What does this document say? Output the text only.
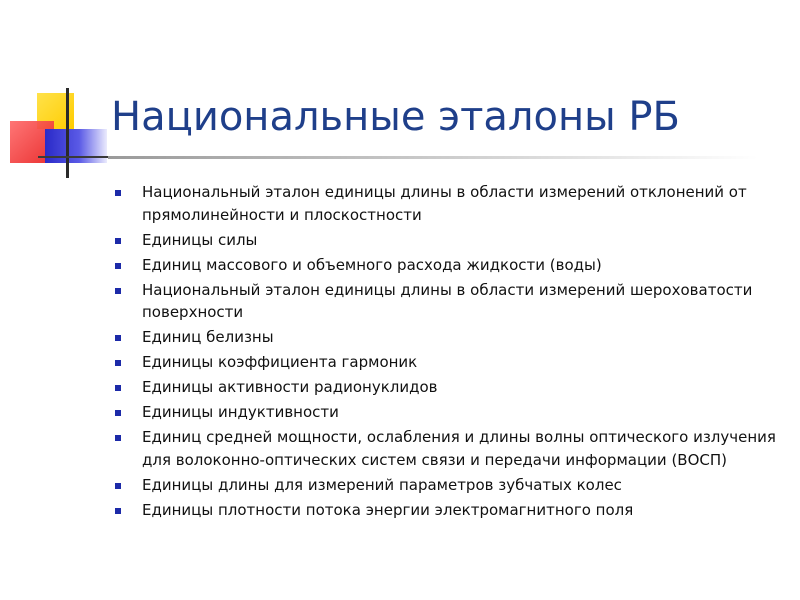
Национальные эталоны РБ
Национальный эталон единицы длины в области измерений отклонений от прямолинейности и плоскостности
Единицы силы
Единиц массового и объемного расхода жидкости (воды)
Национальный эталон единицы длины в области измерений шероховатости поверхности
Единиц белизны
Единицы коэффициента гармоник
Единицы активности радионуклидов
Единицы индуктивности
Единиц средней мощности, ослабления и длины волны оптического излучения для волоконно-оптических систем связи и передачи информации (ВОСП)
Единицы длины для измерений параметров зубчатых колес
Единицы плотности потока энергии электромагнитного поля
